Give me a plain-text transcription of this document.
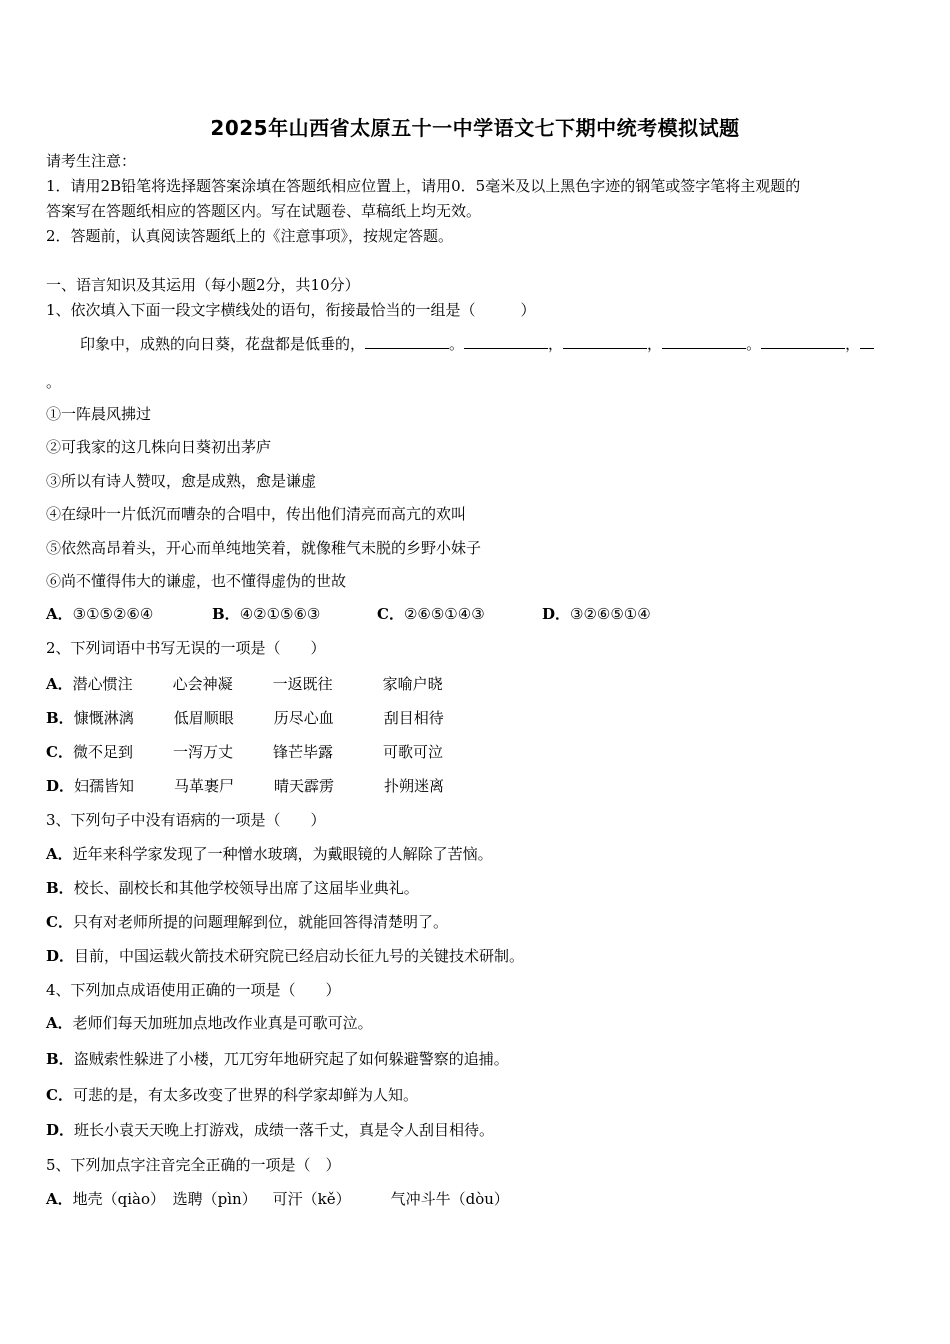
2025年山西省太原五十一中学语文七下期中统考模拟试题
请考生注意：
1．请用2B铅笔将选择题答案涂填在答题纸相应位置上，请用0．5毫米及以上黑色字迹的钢笔或签字笔将主观题的
答案写在答题纸相应的答题区内。写在试题卷、草稿纸上均无效。
2．答题前，认真阅读答题纸上的《注意事项》，按规定答题。
一、语言知识及其运用（每小题2分，共10分）
1、依次填入下面一段文字横线处的语句，衔接最恰当的一组是（　　　）
印象中，成熟的向日葵，花盘都是低垂的，	。	，	，	。	，
。
①一阵晨风拂过
②可我家的这几株向日葵初出茅庐
③所以有诗人赞叹，愈是成熟，愈是谦虚
④在绿叶一片低沉而嘈杂的合唱中，传出他们清亮而高亢的欢叫
⑤依然高昂着头，开心而单纯地笑着，就像稚气未脱的乡野小妹子
⑥尚不懂得伟大的谦虚，也不懂得虚伪的世故
A．③①⑤②⑥④	B．④②①⑤⑥③	C．②⑥⑤①④③	D．③②⑥⑤①④
2、下列词语中书写无误的一项是（　　）
A．潜心惯注	心会神凝	一返既往	家喻户晓
B．慷慨淋漓	低眉顺眼	历尽心血	刮目相待
C．微不足到	一泻万丈	锋芒毕露	可歌可泣
D．妇孺皆知	马革裹尸	晴天霹雳	扑朔迷离
3、下列句子中没有语病的一项是（　　）
A．近年来科学家发现了一种憎水玻璃，为戴眼镜的人解除了苦恼。
B．校长、副校长和其他学校领导出席了这届毕业典礼。
C．只有对老师所提的问题理解到位，就能回答得清楚明了。
D．目前，中国运载火箭技术研究院已经启动长征九号的关键技术研制。
4、下列加点成语使用正确的一项是（　　）
A．老师们每天加班加点地改作业真是可歌可泣。
B．盗贼索性躲进了小楼，兀兀穷年地研究起了如何躲避警察的追捕。
C．可悲的是，有太多改变了世界的科学家却鲜为人知。
D．班长小袁天天晚上打游戏，成绩一落千丈，真是令人刮目相待。
5、下列加点字注音完全正确的一项是（　）
A．地壳（qiào） 选聘（pìn） 可汗（kě）	气冲斗牛（dòu）
